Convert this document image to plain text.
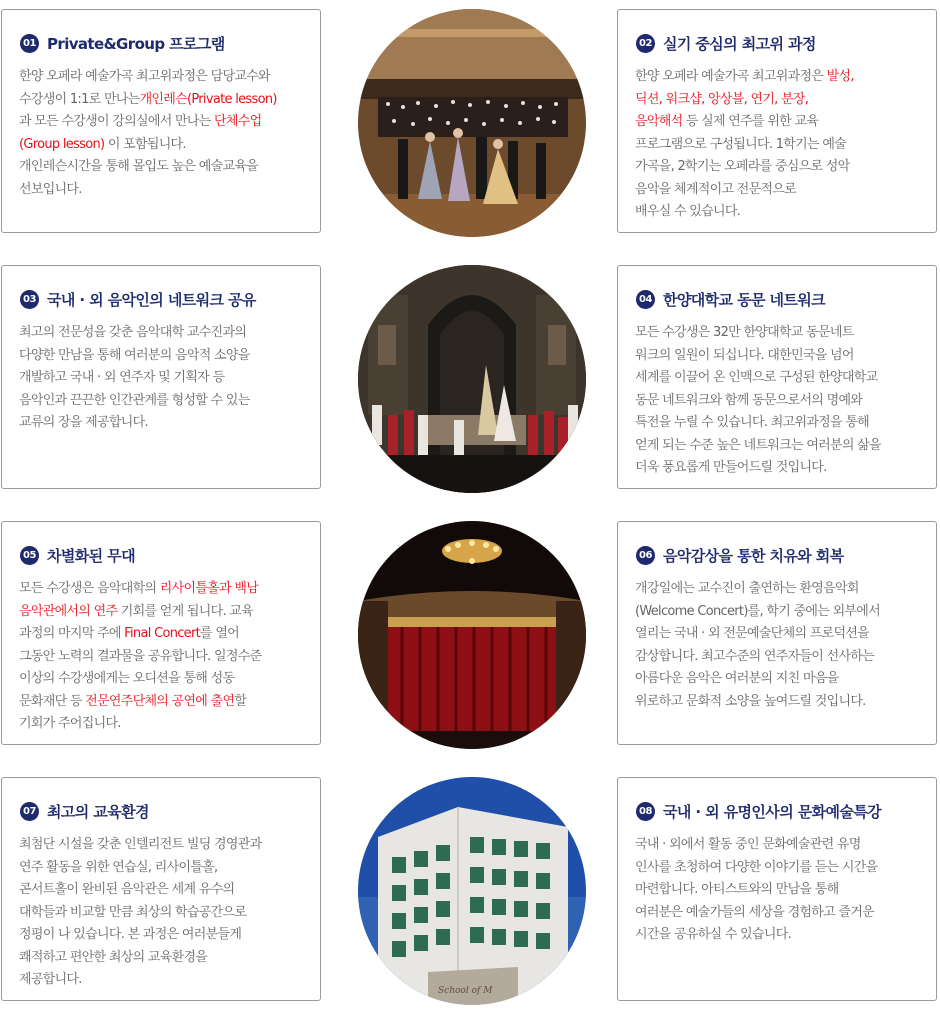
01 Private&Group 프로그램
한양 오페라 예술가곡 최고위과정은 담당교수와
수강생이 1:1로 만나는개인레슨(Private lesson)
과 모든 수강생이 강의실에서 만나는 단체수업
(Group lesson) 이 포함됩니다.
개인레슨시간을 통해 몰입도 높은 예술교육을
선보입니다.
02 실기 중심의 최고위 과정
한양 오페라 예술가곡 최고위과정은 발성,
딕션, 워크샵, 앙상블, 연기, 분장,
음악해석 등 실제 연주를 위한 교육
프로그램으로 구성됩니다. 1학기는 예술
가곡을, 2학기는 오페라를 중심으로 성악
음악을 체계적이고 전문적으로
배우실 수 있습니다.
03 국내 · 외 음악인의 네트워크 공유
최고의 전문성을 갖춘 음악대학 교수진과의
다양한 만남을 통해 여러분의 음악적 소양을
개발하고 국내 · 외 연주자 및 기획자 등
음악인과 끈끈한 인간관계를 형성할 수 있는
교류의 장을 제공합니다.
04 한양대학교 동문 네트워크
모든 수강생은 32만 한양대학교 동문네트
워크의 일원이 되십니다. 대한민국을 넘어
세계를 이끌어 온 인맥으로 구성된 한양대학교
동문 네트워크와 함께 동문으로서의 명예와
특전을 누릴 수 있습니다. 최고위과정을 통해
얻게 되는 수준 높은 네트워크는 여러분의 삶을
더욱 풍요롭게 만들어드릴 것입니다.
05 차별화된 무대
모든 수강생은 음악대학의 리사이틀홀과 백남
음악관에서의 연주 기회를 얻게 됩니다. 교육
과정의 마지막 주에 Final Concert를 열어
그동안 노력의 결과물을 공유합니다. 일정수준
이상의 수강생에게는 오디션을 통해 성동
문화재단 등 전문연주단체의 공연에 출연할
기회가 주어집니다.
06 음악감상을 통한 치유와 회복
개강일에는 교수진이 출연하는 환영음악회
(Welcome Concert)를, 학기 중에는 외부에서
열리는 국내 · 외 전문예술단체의 프로덕션을
감상합니다. 최고수준의 연주자들이 선사하는
아름다운 음악은 여러분의 지친 마음을
위로하고 문화적 소양을 높여드릴 것입니다.
07 최고의 교육환경
최첨단 시설을 갖춘 인텔리전트 빌딩 경영관과
연주 활동을 위한 연습실, 리사이틀홀,
콘서트홀이 완비된 음악관은 세계 유수의
대학들과 비교할 만큼 최상의 학습공간으로
정평이 나 있습니다. 본 과정은 여러분들게
쾌적하고 편안한 최상의 교육환경을
제공합니다.
School of M
08 국내 · 외 유명인사의 문화예술특강
국내 · 외에서 활동 중인 문화예술관련 유명
인사를 초청하여 다양한 이야기를 듣는 시간을
마련합니다. 아티스트와의 만남을 통해
여러분은 예술가들의 세상을 경험하고 즐거운
시간을 공유하실 수 있습니다.
